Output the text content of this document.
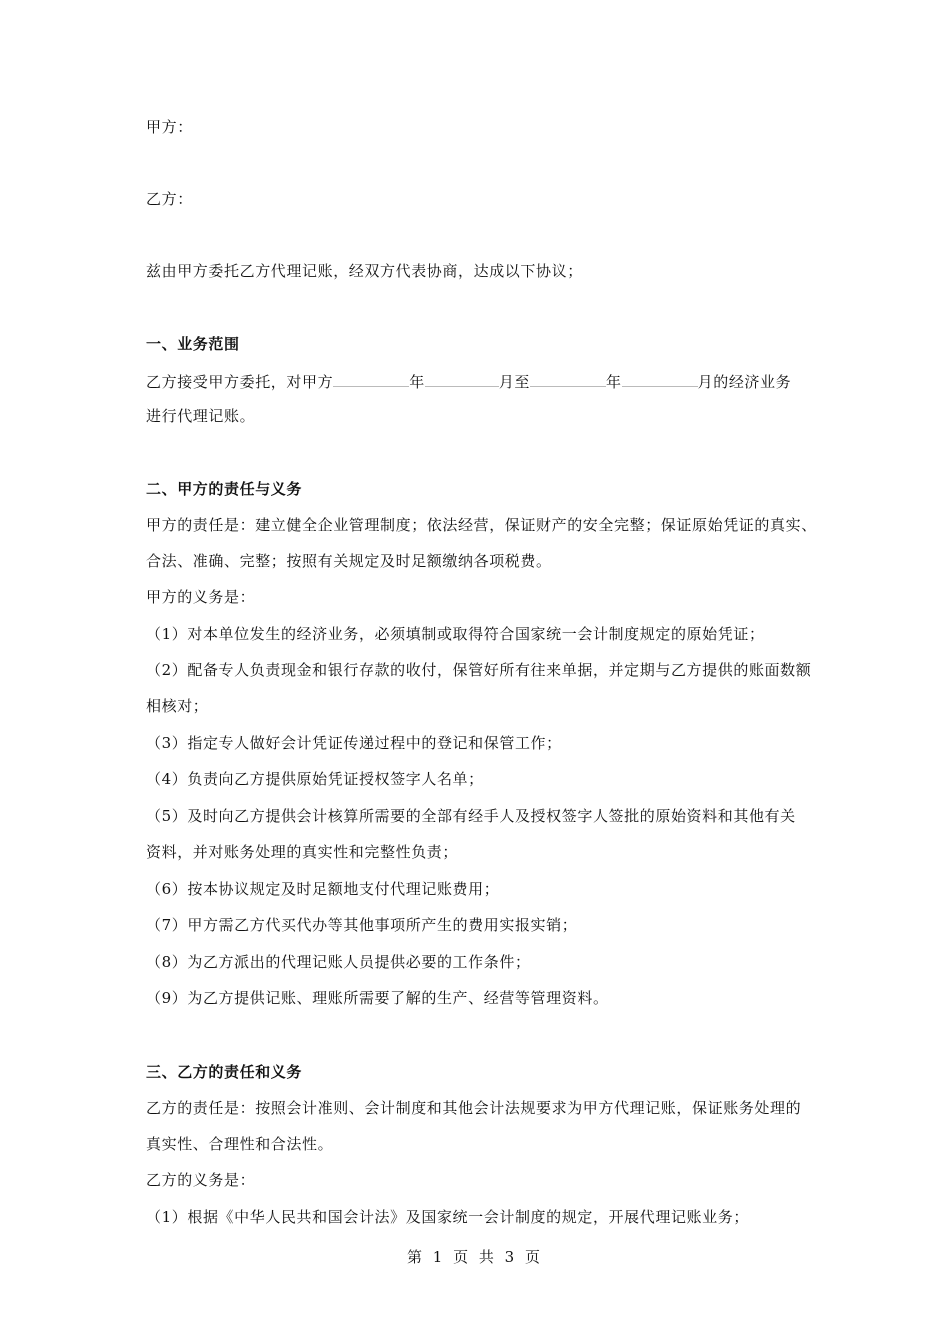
甲方：
乙方：
兹由甲方委托乙方代理记账，经双方代表协商，达成以下协议；
一、业务范围
乙方接受甲方委托，对甲方	年	月至	年	月的经济业务
进行代理记账。
二、甲方的责任与义务
甲方的责任是：建立健全企业管理制度；依法经营，保证财产的安全完整；保证原始凭证的真实、
合法、准确、完整；按照有关规定及时足额缴纳各项税费。
甲方的义务是：
（1）对本单位发生的经济业务，必须填制或取得符合国家统一会计制度规定的原始凭证；
（2）配备专人负责现金和银行存款的收付，保管好所有往来单据，并定期与乙方提供的账面数额
相核对；
（3）指定专人做好会计凭证传递过程中的登记和保管工作；
（4）负责向乙方提供原始凭证授权签字人名单；
（5）及时向乙方提供会计核算所需要的全部有经手人及授权签字人签批的原始资料和其他有关
资料，并对账务处理的真实性和完整性负责；
（6）按本协议规定及时足额地支付代理记账费用；
（7）甲方需乙方代买代办等其他事项所产生的费用实报实销；
（8）为乙方派出的代理记账人员提供必要的工作条件；
（9）为乙方提供记账、理账所需要了解的生产、经营等管理资料。
三、乙方的责任和义务
乙方的责任是：按照会计准则、会计制度和其他会计法规要求为甲方代理记账，保证账务处理的
真实性、合理性和合法性。
乙方的义务是：
（1）根据《中华人民共和国会计法》及国家统一会计制度的规定，开展代理记账业务；
第 1 页 共 3 页
